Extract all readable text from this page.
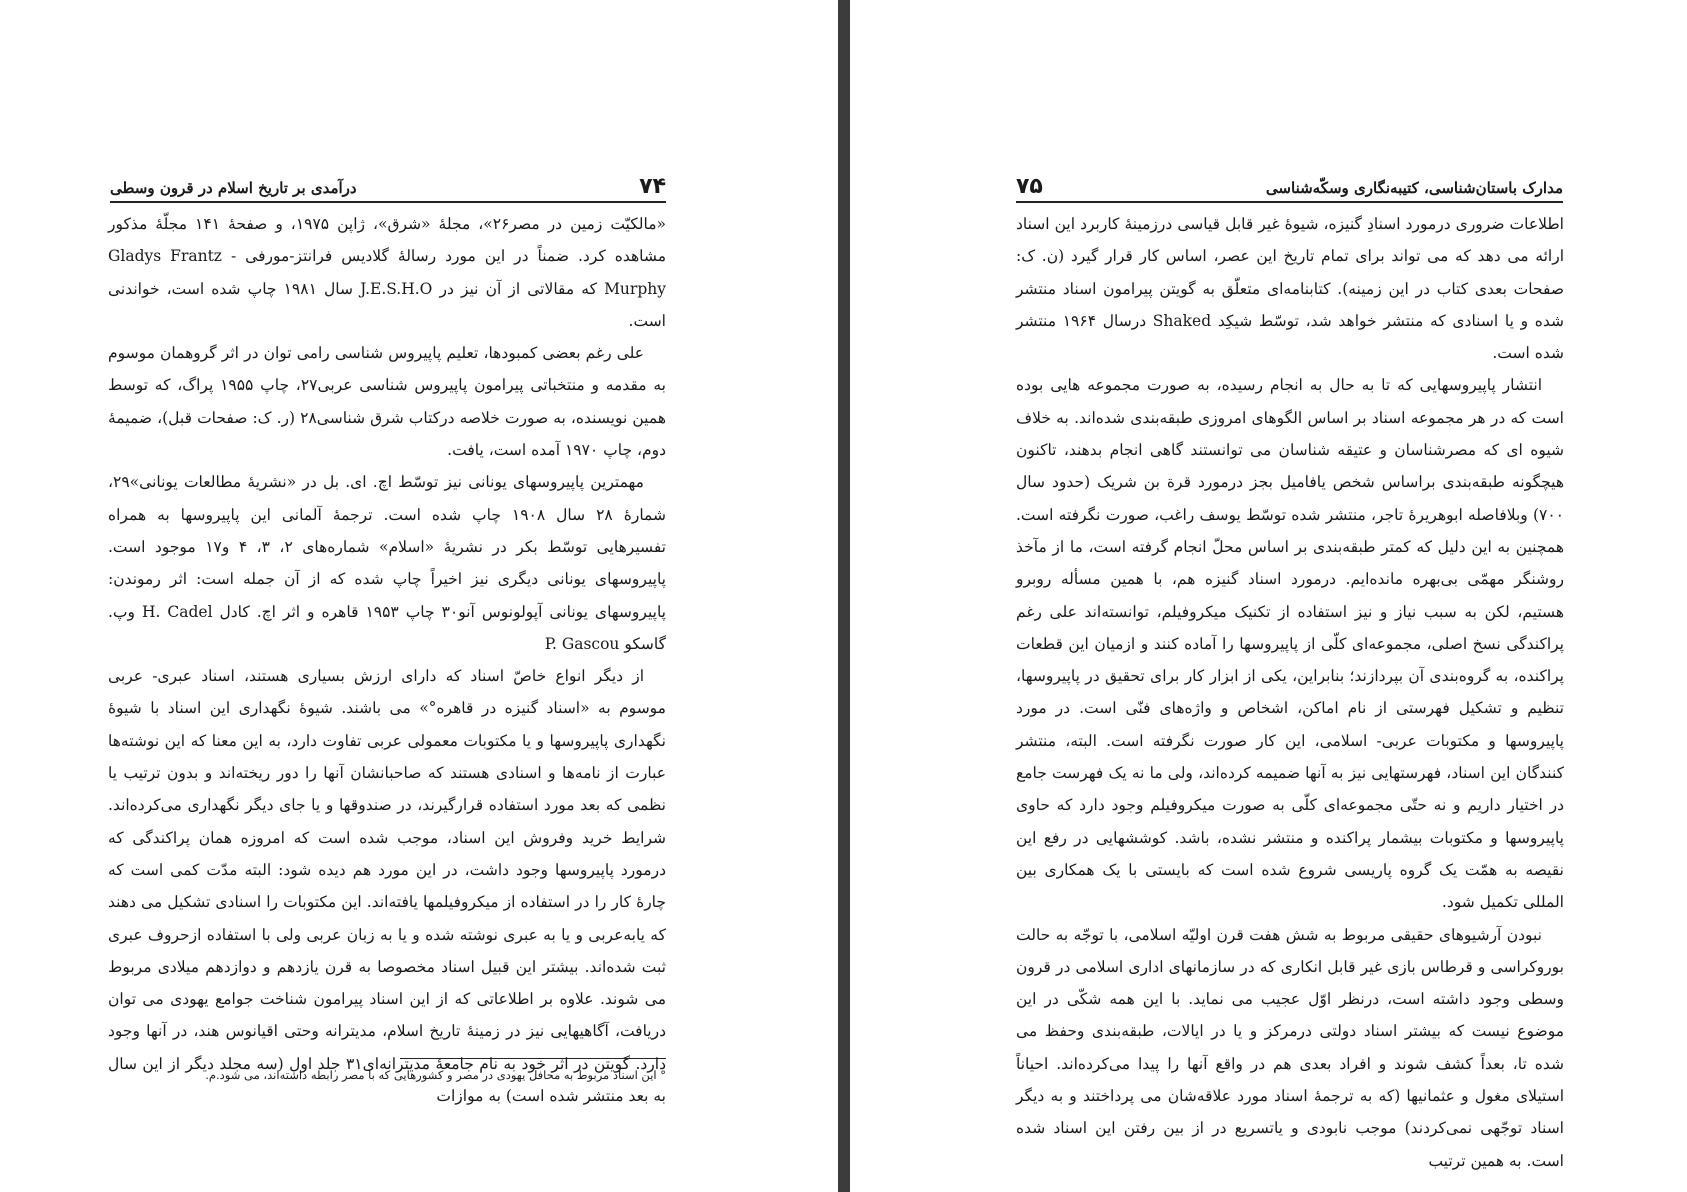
۷۴
درآمدی بر تاریخ اسلام در قرون وسطی

«مالکیّت زمین در مصر۲۶»، مجلهٔ «شرق»، ژاپن ۱۹۷۵، و صفحهٔ ۱۴۱ مجلّهٔ مذکور مشاهده کرد. ضمناً در این مورد رسالهٔ گلادیس فرانتز-مورفی Gladys Frantz - Murphy که مقالاتی از آن نیز در J.E.S.H.O سال ۱۹۸۱ چاپ شده است، خواندنی است.

علی رغم بعضی کمبودها، تعلیم پاپیروس شناسی رامی توان در اثر گروهمان موسوم به مقدمه و منتخباتی پیرامون پاپیروس شناسی عربی۲۷، چاپ ۱۹۵۵ پراگ، که توسط همین نویسنده، به صورت خلاصه درکتاب شرق شناسی۲۸ (ر. ک: صفحات قبل)، ضمیمهٔ دوم، چاپ ۱۹۷۰ آمده است، یافت.

مهمترین پاپیروسهای یونانی نیز توسّط اچ. ای. بل در «نشریهٔ مطالعات یونانی»۲۹، شمارهٔ ۲۸ سال ۱۹۰۸ چاپ شده است. ترجمهٔ آلمانی این پاپیروسها به همراه تفسیرهایی توسّط بکر در نشریهٔ «اسلام» شماره‌های ۲، ۳، ۴ و۱۷ موجود است. پاپیروسهای یونانی دیگری نیز اخیراً چاپ شده که از آن جمله است: اثر رموندن: پاپیروسهای یونانی آپولونوس آنو۳۰ چاپ ۱۹۵۳ قاهره و اثر اچ. کادل H. Cadel وپ. گاسکو P. Gascou

از دیگر انواع خاصّ اسناد که دارای ارزش بسیاری هستند، اسناد عبری- عربی موسوم به «اسناد گنیزه در قاهره°» می باشند. شیوهٔ نگهداری این اسناد با شیوهٔ نگهداری پاپیروسها و یا مکتوبات معمولی عربی تفاوت دارد، به این معنا که این نوشته‌ها عبارت از نامه‌ها و اسنادی هستند که صاحبانشان آنها را دور ریخته‌اند و بدون ترتیب یا نظمی که بعد مورد استفاده قرارگیرند، در صندوقها و یا جای دیگر نگهداری می‌کرده‌اند. شرایط خرید وفروش این اسناد، موجب شده است که امروزه همان پراکندگی که درمورد پاپیروسها وجود داشت، در این مورد هم دیده شود: البته مدّت کمی است که چارهٔ کار را در استفاده از میکروفیلمها یافته‌اند. این مکتوبات را اسنادی تشکیل می دهند که یابه‌عربی و یا به عبری نوشته شده و یا به زبان عربی ولی با استفاده ازحروف عبری ثبت شده‌اند. بیشتر این قبیل اسناد مخصوصا به قرن یازدهم و دوازدهم میلادی مربوط می شوند. علاوه بر اطلاعاتی که از این اسناد پیرامون شناخت جوامع یهودی می توان دریافت، آگاهیهایی نیز در زمینهٔ تاریخ اسلام، مدیترانه وحتی اقیانوس هند، در آنها وجود دارد. گویتن در اثر خود به نام جامعهٔ مدیترانه‌ای۳۱ جلد اول (سه مجلد دیگر از این سال به بعد منتشر شده است) به موازات

° این اسناد مربوط به محافل یهودی در مصر و کشورهایی که با مصر رابطه داشته‌اند، می شود.م.
۷۵	مدارک باستان‌شناسی، کتیبه‌نگاری وسکّه‌شناسی

اطلاعات ضروری درمورد اسنادِ گنیزه، شیوهٔ غیر قابل قیاسی درزمینهٔ کاربرد این اسناد ارائه می دهد که می تواند برای تمام تاریخ این عصر، اساس کار قرار گیرد (ن. ک: صفحات بعدی کتاب در این زمینه). کتابنامه‌ای متعلّق به گویتن پیرامون اسناد منتشر شده و یا اسنادی که منتشر خواهد شد، توسّط شیکِد Shaked درسال ۱۹۶۴ منتشر شده است.

انتشار پاپیروسهایی که تا به حال به انجام رسیده، به صورت مجموعه هایی بوده است که در هر مجموعه اسناد بر اساس الگوهای امروزی طبقه‌بندی شده‌اند. به خلاف شیوه ای که مصرشناسان و عتیقه شناسان می توانستند گاهی انجام بدهند، تاکنون هیچگونه طبقه‌بندی براساس شخص یافامیل بجز درمورد قرة بن شریک (حدود سال ۷۰۰) وبلافاصله ابوهریرهٔ تاجر، منتشر شده توسّط یوسف راغب، صورت نگرفته است. همچنین به این دلیل که کمتر طبقه‌بندی بر اساس محلّ انجام گرفته است، ما از مآخذ روشنگر مهمّی بی‌بهره مانده‌ایم. درمورد اسناد گنیزه هم، با همین مسأله روبرو هستیم، لکن به سبب نیاز و نیز استفاده از تکنیک میکروفیلم، توانسته‌اند علی رغم پراکندگی نسخ اصلی، مجموعه‌ای کلّی از پاپیروسها را آماده کنند و ازمیان این قطعات پراکنده، به گروه‌بندی آن بپردازند؛ بنابراین، یکی از ابزار کار برای تحقیق در پاپیروسها، تنظیم و تشکیل فهرستی از نام اماکن، اشخاص و واژه‌های فنّی است. در مورد پاپیروسها و مکتوبات عربی- اسلامی، این کار صورت نگرفته است. البته، منتشر کنندگان این اسناد، فهرستهایی نیز به آنها ضمیمه کرده‌اند، ولی ما نه یک فهرست جامع در اختیار داریم و نه حتّی مجموعه‌ای کلّی به صورت میکروفیلم وجود دارد که حاوی پاپیروسها و مکتوبات بیشمار پراکنده و منتشر نشده، باشد. کوششهایی در رفع این نقیصه به همّت یک گروه پاریسی شروع شده است که بایستی با یک همکاری بین المللی تکمیل شود.

نبودن آرشیوهای حقیقی مربوط به شش هفت قرن اولیّه اسلامی، با توجّه به حالت بوروکراسی و قرطاس بازی غیر قابل انکاری که در سازمانهای اداری اسلامی در قرون وسطی وجود داشته است، درنظر اوّل عجیب می نماید. با این همه شکّی در این موضوع نیست که بیشتر اسناد دولتی درمرکز و یا در ایالات، طبقه‌بندی وحفظ می شده تا، بعداً کشف شوند و افراد بعدی هم در واقع آنها را پیدا می‌کرده‌اند. احیاناً استیلای مغول و عثمانیها (که به ترجمهٔ اسناد مورد علاقه‌شان می پرداختند و به دیگر اسناد توجّهی نمی‌کردند) موجب نابودی و یاتسریع در از بین رفتن این اسناد شده است. به همین ترتیب
